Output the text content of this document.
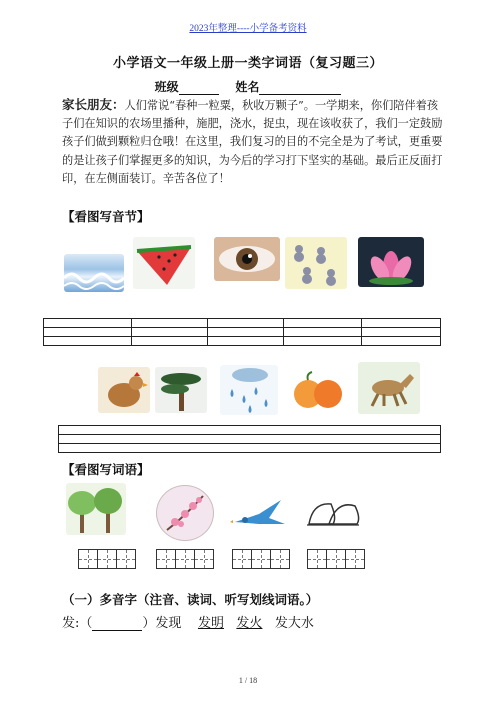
2023年整理----小学备考资料
小学语文一年级上册一类字词语（复习题三）
班级	姓名
家长朋友：人们常说“春种一粒粟，秋收万颗子”。一学期来，你们陪伴着孩子们在知识的农场里播种，施肥，浇水，捉虫，现在该收获了，我们一定鼓励孩子们做到颗粒归仓哦！在这里，我们复习的目的不完全是为了考试，更重要的是让孩子们掌握更多的知识，为今后的学习打下坚实的基础。最后正反面打印，在左侧面装订。辛苦各位了！
【看图写音节】
【看图写词语】
（一）多音字（注音、读词、听写划线词语。）
发:（	）发现 发明 发火 发大水
1 / 18
